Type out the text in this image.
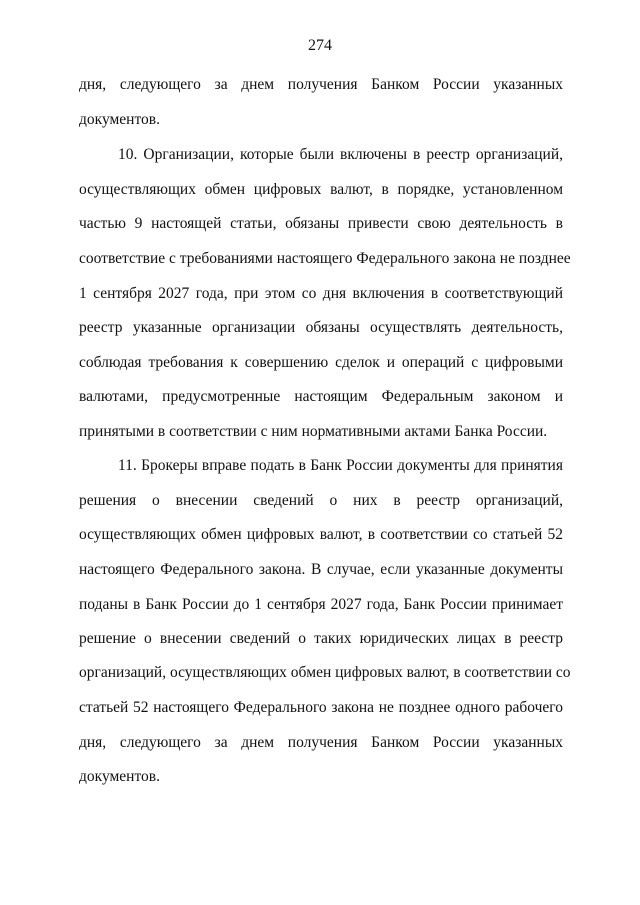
274
дня, следующего за днем получения Банком России указанных
документов.
10. Организации, которые были включены в реестр организаций,
осуществляющих обмен цифровых валют, в порядке, установленном
частью 9 настоящей статьи, обязаны привести свою деятельность в
соответствие с требованиями настоящего Федерального закона не позднее
1 сентября 2027 года, при этом со дня включения в соответствующий
реестр указанные организации обязаны осуществлять деятельность,
соблюдая требования к совершению сделок и операций с цифровыми
валютами, предусмотренные настоящим Федеральным законом и
принятыми в соответствии с ним нормативными актами Банка России.
11. Брокеры вправе подать в Банк России документы для принятия
решения о внесении сведений о них в реестр организаций,
осуществляющих обмен цифровых валют, в соответствии со статьей 52
настоящего Федерального закона. В случае, если указанные документы
поданы в Банк России до 1 сентября 2027 года, Банк России принимает
решение о внесении сведений о таких юридических лицах в реестр
организаций, осуществляющих обмен цифровых валют, в соответствии со
статьей 52 настоящего Федерального закона не позднее одного рабочего
дня, следующего за днем получения Банком России указанных
документов.
